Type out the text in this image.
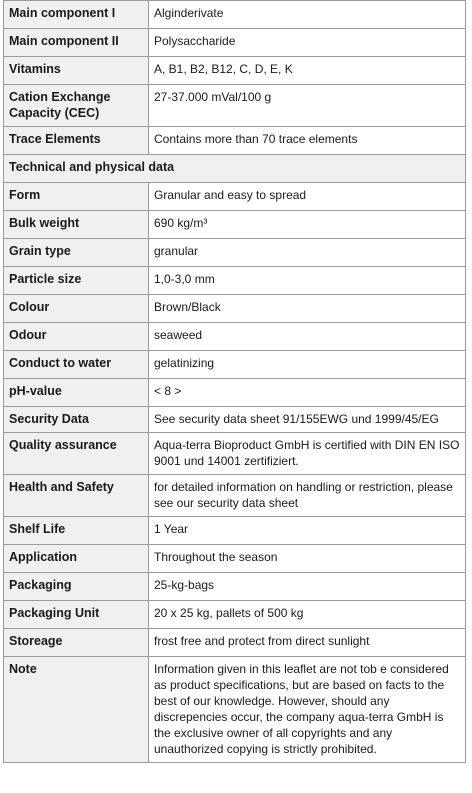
Main component I	Alginderivate
Main component II	Polysaccharide
Vitamins	A, B1, B2, B12, C, D, E, K
Cation Exchange Capacity (CEC)	27-37.000 mVal/100 g
Trace Elements	Contains more than 70 trace elements
Technical and physical data	
Form	Granular and easy to spread
Bulk weight	690 kg/m³
Grain type	granular
Particle size	1,0-3,0 mm
Colour	Brown/Black
Odour	seaweed
Conduct to water	gelatinizing
pH-value	< 8 >
Security Data	See security data sheet 91/155EWG und 1999/45/EG
Quality assurance	Aqua-terra Bioproduct GmbH is certified with DIN EN ISO 9001 und 14001 zertifiziert.
Health and Safety	for detailed information on handling or restriction, please see our security data sheet
Shelf Life	1 Year
Application	Throughout the season
Packaging	25-kg-bags
Packaging Unit	20 x 25 kg, pallets of 500 kg
Storeage	frost free and protect from direct sunlight
Note	Information given in this leaflet are not tob e considered as product specifications, but are based on facts to the best of our knowledge. However, should any discrepencies occur, the company aqua-terra GmbH is the exclusive owner of all copyrights and any unauthorized copying is strictly prohibited.
